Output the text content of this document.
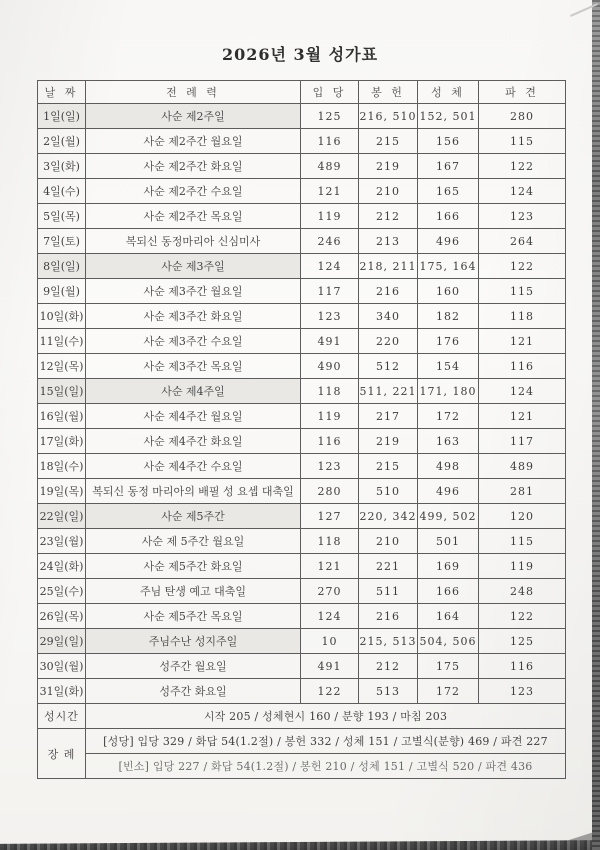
2026년 3월 성가표
날 짜	전 례 력	입 당	봉 헌	성 체	파 견
1일(일)	사순 제2주일	125	216, 510	152, 501	280
2일(월)	사순 제2주간 월요일	116	215	156	115
3일(화)	사순 제2주간 화요일	489	219	167	122
4일(수)	사순 제2주간 수요일	121	210	165	124
5일(목)	사순 제2주간 목요일	119	212	166	123
7일(토)	복되신 동정마리아 신심미사	246	213	496	264
8일(일)	사순 제3주일	124	218, 211	175, 164	122
9일(월)	사순 제3주간 월요일	117	216	160	115
10일(화)	사순 제3주간 화요일	123	340	182	118
11일(수)	사순 제3주간 수요일	491	220	176	121
12일(목)	사순 제3주간 목요일	490	512	154	116
15일(일)	사순 제4주일	118	511, 221	171, 180	124
16일(월)	사순 제4주간 월요일	119	217	172	121
17일(화)	사순 제4주간 화요일	116	219	163	117
18일(수)	사순 제4주간 수요일	123	215	498	489
19일(목)	복되신 동정 마리아의 배필 성 요셉 대축일	280	510	496	281
22일(일)	사순 제5주간	127	220, 342	499, 502	120
23일(월)	사순 제 5주간 월요일	118	210	501	115
24일(화)	사순 제5주간 화요일	121	221	169	119
25일(수)	주님 탄생 예고 대축일	270	511	166	248
26일(목)	사순 제5주간 목요일	124	216	164	122
29일(일)	주님수난 성지주일	10	215, 513	504, 506	125
30일(월)	성주간 월요일	491	212	175	116
31일(화)	성주간 화요일	122	513	172	123
성시간	시작 205 / 성체현시 160 / 분향 193 / 마침 203				
장 례	[성당] 입당 329 / 화답 54(1.2절) / 봉헌 332 / 성체 151 / 고별식(분향) 469 / 파견 227				
	[빈소] 입당 227 / 화답 54(1.2절) / 봉헌 210 / 성체 151 / 고별식 520 / 파견 436				
